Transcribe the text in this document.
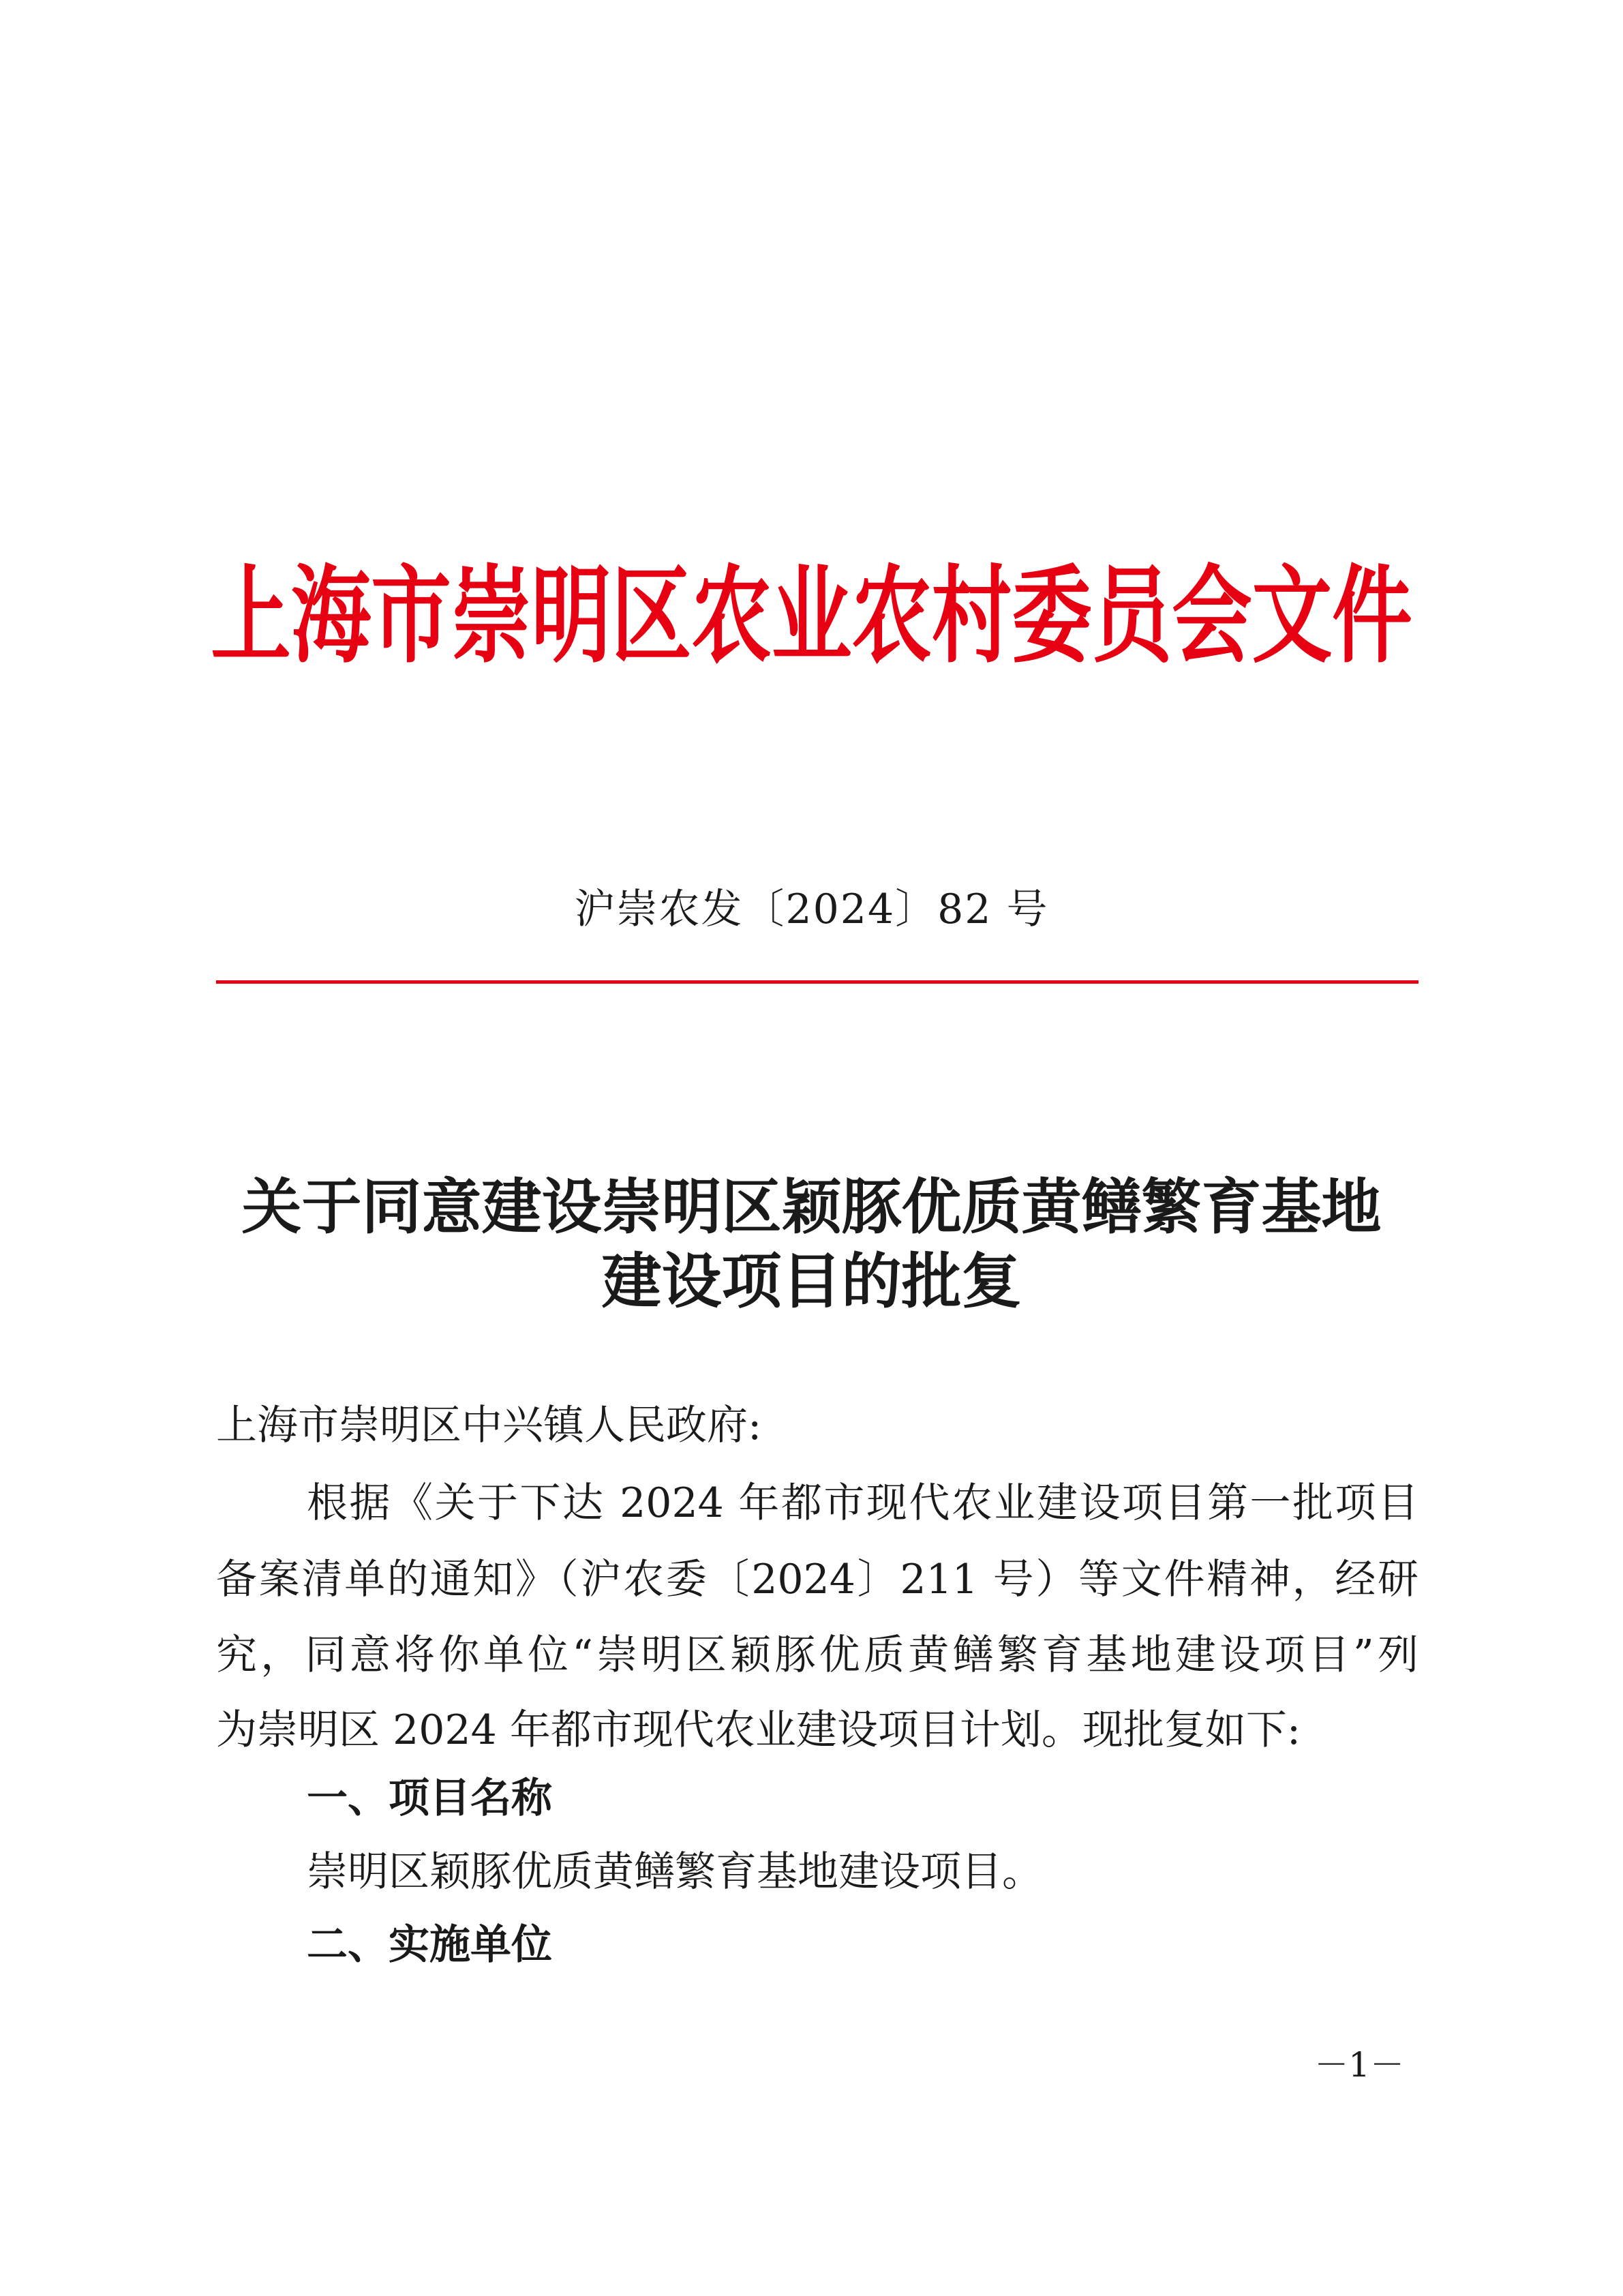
上海市崇明区农业农村委员会文件
沪崇农发〔2024〕82 号
关于同意建设崇明区颖豚优质黄鳝繁育基地
建设项目的批复
上海市崇明区中兴镇人民政府:
根据《关于下达 2024 年都市现代农业建设项目第一批项目
备案清单的通知》（沪农委〔2024〕211 号）等文件精神，经研
究，同意将你单位“崇明区颖豚优质黄鳝繁育基地建设项目”列
为崇明区 2024 年都市现代农业建设项目计划。现批复如下:
一、项目名称
崇明区颖豚优质黄鳝繁育基地建设项目。
二、实施单位
－1－
